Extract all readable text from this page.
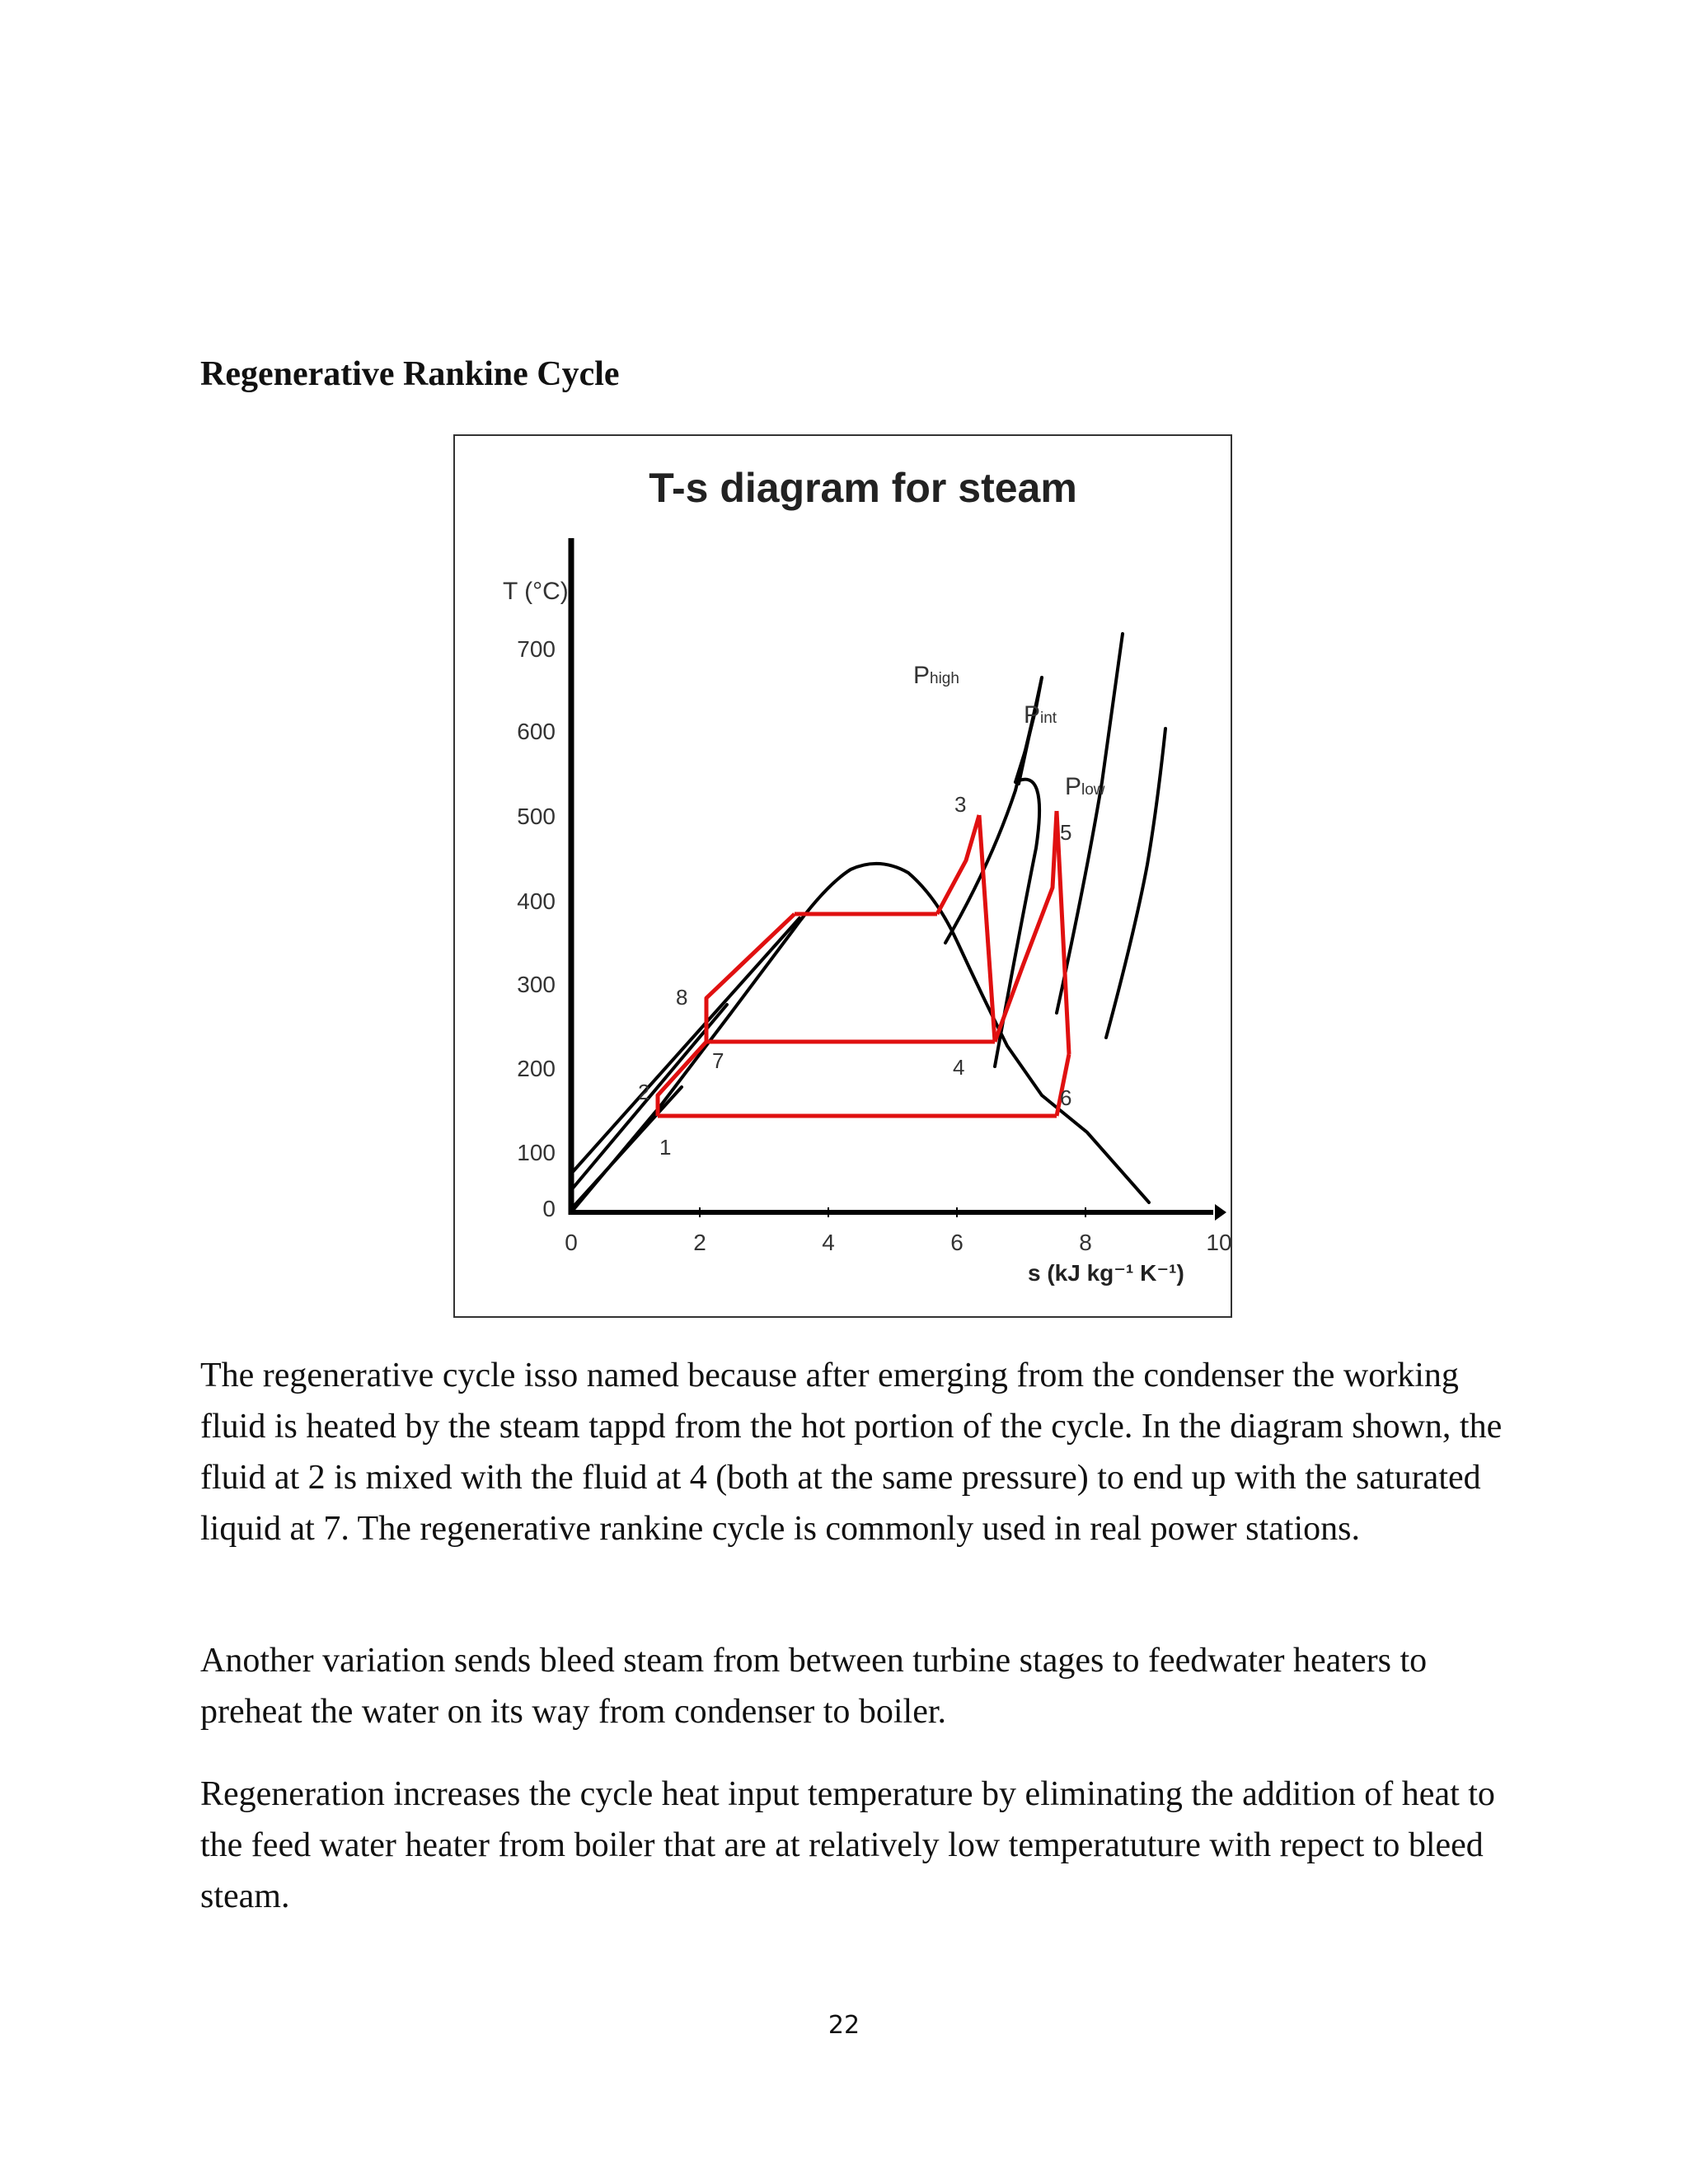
Regenerative Rankine Cycle
T-s diagram for steam
T (°C)
0
100
200
300
400
500
600
700
0	2	4	6	8	10
s (kJ kg⁻¹ K⁻¹)
Phigh
Pint
Plow
1
2
3
4
5
6
7
8

The regenerative cycle isso named because after emerging from the condenser the working fluid is heated by the steam tappd from the hot portion of the cycle. In the diagram shown, the fluid at 2 is mixed with the fluid at 4 (both at the same pressure) to end up with the saturated liquid at 7. The regenerative rankine cycle is commonly used in real power stations.

Another variation sends bleed steam from between turbine stages to feedwater heaters to preheat the water on its way from condenser to boiler.

Regeneration increases the cycle heat input temperature by eliminating the addition of heat to the feed water heater from boiler that are at relatively low temperatuture with repect to bleed steam.

22
